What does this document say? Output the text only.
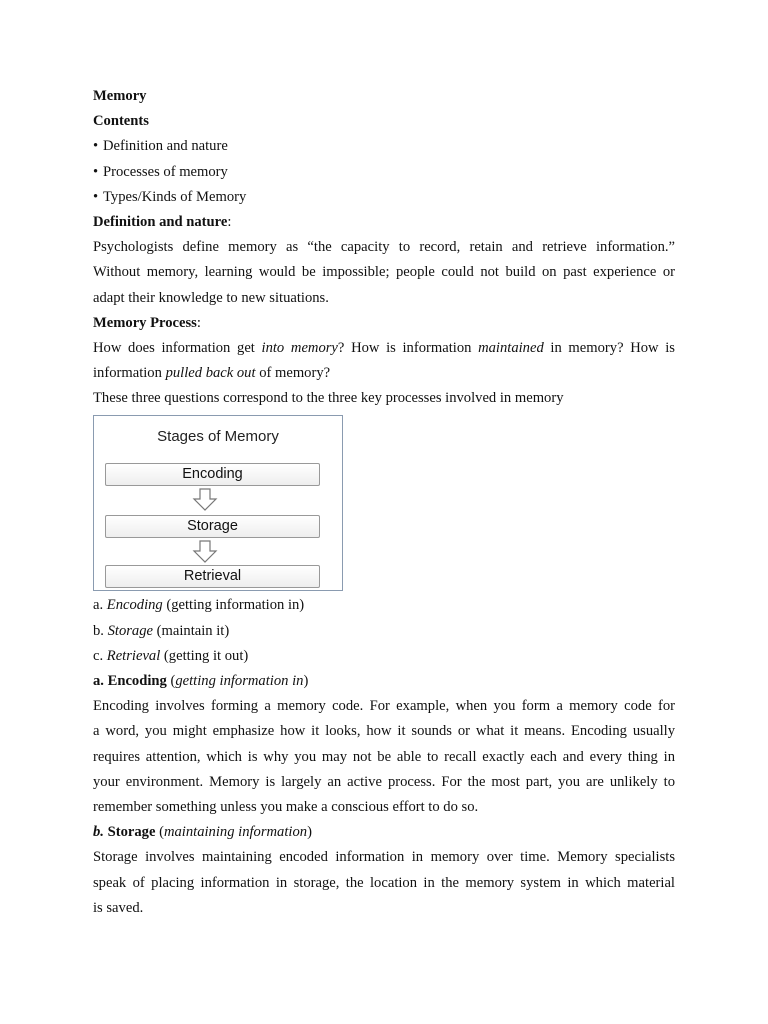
Memory
Contents
• Definition and nature
• Processes of memory
• Types/Kinds of Memory
Definition and nature:
Psychologists define memory as “the capacity to record, retain and retrieve information.”
Without memory, learning would be impossible; people could not build on past experience or
adapt their knowledge to new situations.
Memory Process:
How does information get into memory? How is information maintained in memory? How is
information pulled back out of memory?
These three questions correspond to the three key processes involved in memory
Stages of Memory
Encoding
Storage
Retrieval
a. Encoding (getting information in)
b. Storage (maintain it)
c. Retrieval (getting it out)
a. Encoding (getting information in)
Encoding involves forming a memory code. For example, when you form a memory code for
a word, you might emphasize how it looks, how it sounds or what it means. Encoding usually
requires attention, which is why you may not be able to recall exactly each and every thing in
your environment. Memory is largely an active process. For the most part, you are unlikely to
remember something unless you make a conscious effort to do so.
b. Storage (maintaining information)
Storage involves maintaining encoded information in memory over time. Memory specialists
speak of placing information in storage, the location in the memory system in which material
is saved.
